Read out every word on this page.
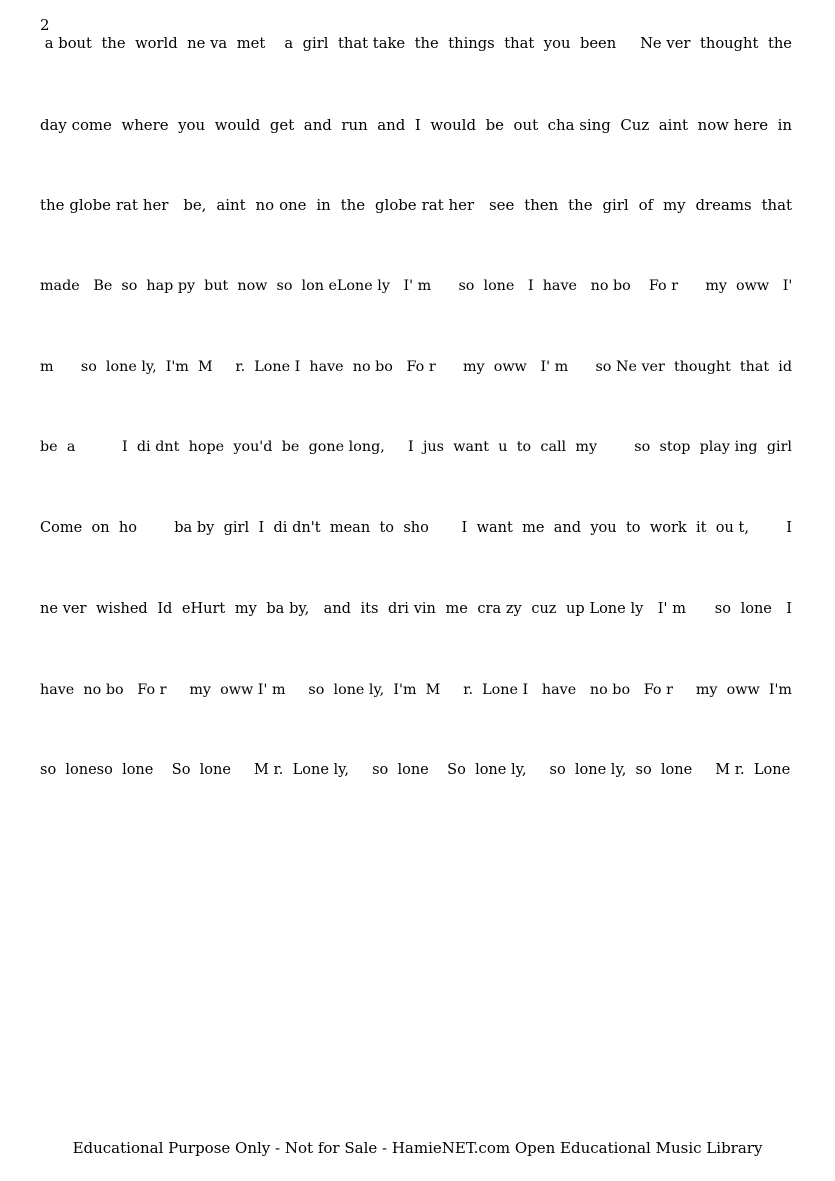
2
a bout  the  world  ne va  met    a  girl  that take  the  things  that  you  been     Ne ver  thought  the
day come  where  you  would  get  and  run  and  I  would  be  out  cha sing  Cuz  aint  now here  in
the globe rat her   be,  aint  no one  in  the  globe rat her   see  then  the  girl  of  my  dreams  that
made   Be  so  hap py  but  now  so  lon eLone ly   I' m      so  lone   I  have   no bo    Fo r      my  oww   I'
m      so  lone ly,  I'm  M     r.  Lone I  have  no bo   Fo r      my  oww   I' m      so Ne ver  thought  that  id
be  a          I  di dnt  hope  you'd  be  gone long,     I  jus  want  u  to  call  my        so  stop  play ing  girl
Come  on  ho        ba by  girl  I  di dn't  mean  to  sho       I  want  me  and  you  to  work  it  ou t,        I
ne ver  wished  Id  eHurt  my  ba by,   and  its  dri vin  me  cra zy  cuz  up Lone ly   I' m      so  lone   I
have  no bo   Fo r     my  oww I' m     so  lone ly,  I'm  M     r.  Lone I   have   no bo   Fo r     my  oww  I'm
so  loneso  lone    So  lone     M r.  Lone ly,     so  lone    So  lone ly,     so  lone ly,  so  lone     M r.  Lone
Educational Purpose Only - Not for Sale - HamieNET.com Open Educational Music Library
